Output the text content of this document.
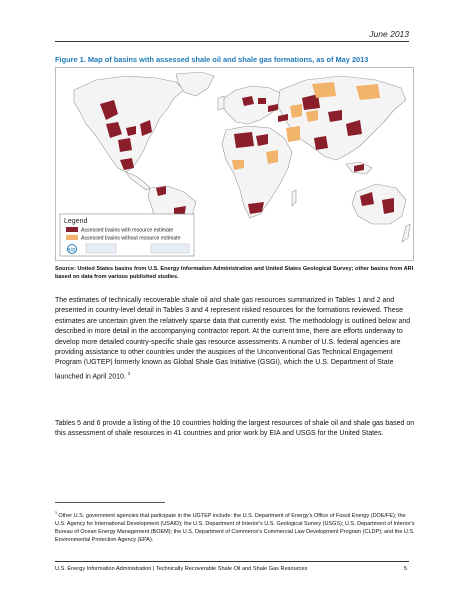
June 2013
Figure 1. Map of basins with assessed shale oil and shale gas formations, as of May 2013
Legend
Assessed basins with resource estimate
Assessed basins without resource estimate
eia
Source: United States basins from U.S. Energy Information Administration and United States Geological Survey; other basins from ARI based on data from various published studies.
The estimates of technically recoverable shale oil and shale gas resources summarized in Tables 1 and 2 and presented in country-level detail in Tables 3 and 4 represent risked resources for the formations reviewed. These estimates are uncertain given the relatively sparse data that currently exist. The methodology is outlined below and described in more detail in the accompanying contractor report. At the current time, there are efforts underway to develop more detailed country-specific shale gas resource assessments. A number of U.S. federal agencies are providing assistance to other countries under the auspices of the Unconventional Gas Technical Engagement Program (UGTEP) formerly known as Global Shale Gas Initiative (GSGI), which the U.S. Department of State launched in April 2010. $^3$
Tables 5 and 6 provide a listing of the 10 countries holding the largest resources of shale oil and shale gas based on this assessment of shale resources in 41 countries and prior work by EIA and USGS for the United States.
$^3$ Other U.S. government agencies that participate in the UGTEP include: the U.S. Department of Energy's Office of Fossil Energy (DOE/FE); the U.S. Agency for International Development (USAID); the U.S. Department of Interior's U.S. Geological Survey (USGS); U.S. Department of Interior's Bureau of Ocean Energy Management (BOEM); the U.S. Department of Commerce's Commercial Law Development Program (CLDP); and the U.S. Environmental Protection Agency (EPA).
U.S. Energy Information Administration | Technically Recoverable Shale Oil and Shale Gas Resources	5
